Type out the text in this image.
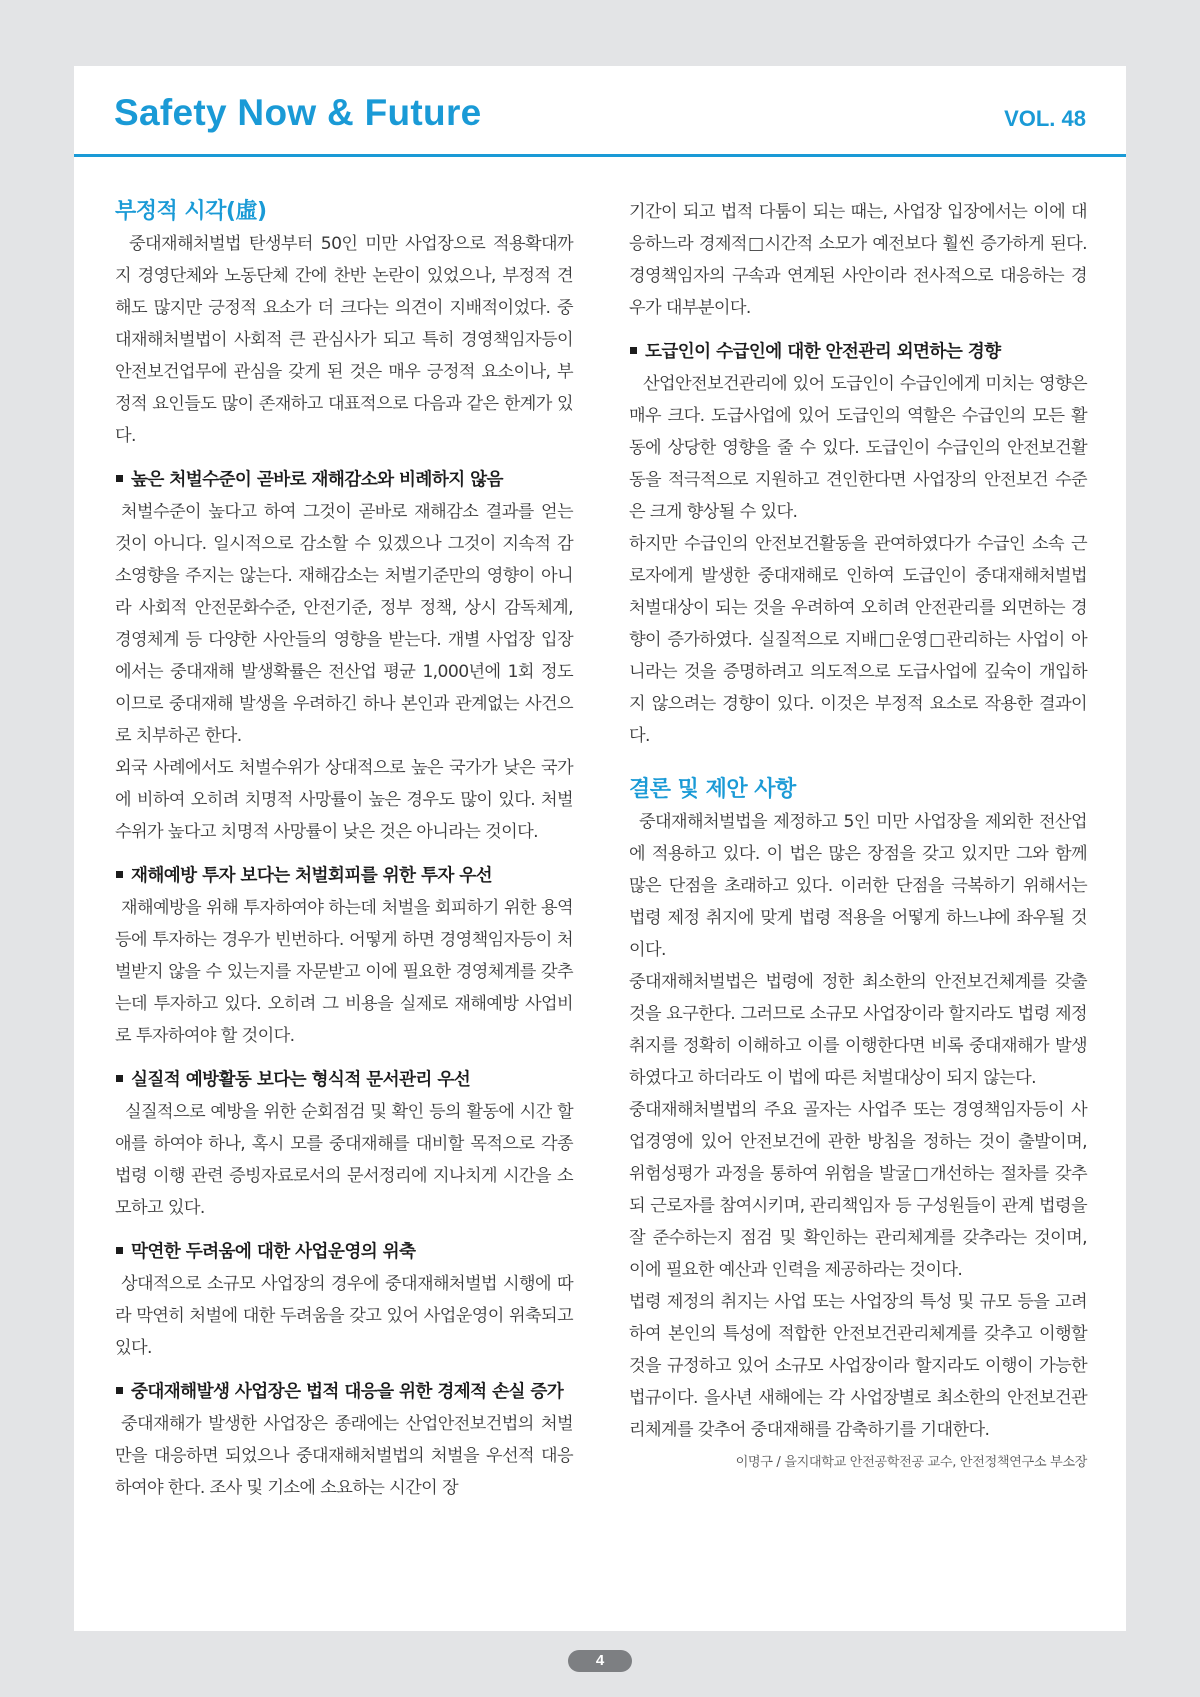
Safety Now & Future	VOL. 48
부정적 시각(虛)

중대재해처벌법 탄생부터 50인 미만 사업장으로 적용확대까지 경영단체와 노동단체 간에 찬반 논란이 있었으나, 부정적 견해도 많지만 긍정적 요소가 더 크다는 의견이 지배적이었다. 중대재해처벌법이 사회적 큰 관심사가 되고 특히 경영책임자등이 안전보건업무에 관심을 갖게 된 것은 매우 긍정적 요소이나, 부정적 요인들도 많이 존재하고 대표적으로 다음과 같은 한계가 있다.

높은 처벌수준이 곧바로 재해감소와 비례하지 않음

처벌수준이 높다고 하여 그것이 곧바로 재해감소 결과를 얻는 것이 아니다. 일시적으로 감소할 수 있겠으나 그것이 지속적 감소영향을 주지는 않는다. 재해감소는 처벌기준만의 영향이 아니라 사회적 안전문화수준, 안전기준, 정부 정책, 상시 감독체계, 경영체계 등 다양한 사안들의 영향을 받는다. 개별 사업장 입장에서는 중대재해 발생확률은 전산업 평균 1,000년에 1회 정도이므로 중대재해 발생을 우려하긴 하나 본인과 관계없는 사건으로 치부하곤 한다.

외국 사례에서도 처벌수위가 상대적으로 높은 국가가 낮은 국가에 비하여 오히려 치명적 사망률이 높은 경우도 많이 있다. 처벌수위가 높다고 치명적 사망률이 낮은 것은 아니라는 것이다.

재해예방 투자 보다는 처벌회피를 위한 투자 우선

재해예방을 위해 투자하여야 하는데 처벌을 회피하기 위한 용역 등에 투자하는 경우가 빈번하다. 어떻게 하면 경영책임자등이 처벌받지 않을 수 있는지를 자문받고 이에 필요한 경영체계를 갖추는데 투자하고 있다. 오히려 그 비용을 실제로 재해예방 사업비로 투자하여야 할 것이다.

실질적 예방활동 보다는 형식적 문서관리 우선

실질적으로 예방을 위한 순회점검 및 확인 등의 활동에 시간 할애를 하여야 하나, 혹시 모를 중대재해를 대비할 목적으로 각종 법령 이행 관련 증빙자료로서의 문서정리에 지나치게 시간을 소모하고 있다.

막연한 두려움에 대한 사업운영의 위축

상대적으로 소규모 사업장의 경우에 중대재해처벌법 시행에 따라 막연히 처벌에 대한 두려움을 갖고 있어 사업운영이 위축되고 있다.

중대재해발생 사업장은 법적 대응을 위한 경제적 손실 증가

중대재해가 발생한 사업장은 종래에는 산업안전보건법의 처벌만을 대응하면 되었으나 중대재해처벌법의 처벌을 우선적 대응하여야 한다. 조사 및 기소에 소요하는 시간이 장

기간이 되고 법적 다툼이 되는 때는, 사업장 입장에서는 이에 대응하느라 경제적□시간적 소모가 예전보다 훨씬 증가하게 된다. 경영책임자의 구속과 연계된 사안이라 전사적으로 대응하는 경우가 대부분이다.

도급인이 수급인에 대한 안전관리 외면하는 경향

산업안전보건관리에 있어 도급인이 수급인에게 미치는 영향은 매우 크다. 도급사업에 있어 도급인의 역할은 수급인의 모든 활동에 상당한 영향을 줄 수 있다. 도급인이 수급인의 안전보건활동을 적극적으로 지원하고 견인한다면 사업장의 안전보건 수준은 크게 향상될 수 있다.

하지만 수급인의 안전보건활동을 관여하였다가 수급인 소속 근로자에게 발생한 중대재해로 인하여 도급인이 중대재해처벌법 처벌대상이 되는 것을 우려하여 오히려 안전관리를 외면하는 경향이 증가하였다. 실질적으로 지배□운영□관리하는 사업이 아니라는 것을 증명하려고 의도적으로 도급사업에 깊숙이 개입하지 않으려는 경향이 있다. 이것은 부정적 요소로 작용한 결과이다.

결론 및 제안 사항

중대재해처벌법을 제정하고 5인 미만 사업장을 제외한 전산업에 적용하고 있다. 이 법은 많은 장점을 갖고 있지만 그와 함께 많은 단점을 초래하고 있다. 이러한 단점을 극복하기 위해서는 법령 제정 취지에 맞게 법령 적용을 어떻게 하느냐에 좌우될 것이다.

중대재해처벌법은 법령에 정한 최소한의 안전보건체계를 갖출 것을 요구한다. 그러므로 소규모 사업장이라 할지라도 법령 제정 취지를 정확히 이해하고 이를 이행한다면 비록 중대재해가 발생하였다고 하더라도 이 법에 따른 처벌대상이 되지 않는다.

중대재해처벌법의 주요 골자는 사업주 또는 경영책임자등이 사업경영에 있어 안전보건에 관한 방침을 정하는 것이 출발이며, 위험성평가 과정을 통하여 위험을 발굴□개선하는 절차를 갖추되 근로자를 참여시키며, 관리책임자 등 구성원들이 관계 법령을 잘 준수하는지 점검 및 확인하는 관리체계를 갖추라는 것이며, 이에 필요한 예산과 인력을 제공하라는 것이다.

법령 제정의 취지는 사업 또는 사업장의 특성 및 규모 등을 고려하여 본인의 특성에 적합한 안전보건관리체계를 갖추고 이행할 것을 규정하고 있어 소규모 사업장이라 할지라도 이행이 가능한 법규이다. 을사년 새해에는 각 사업장별로 최소한의 안전보건관리체계를 갖추어 중대재해를 감축하기를 기대한다.

이명구 / 을지대학교 안전공학전공 교수, 안전정책연구소 부소장
4
